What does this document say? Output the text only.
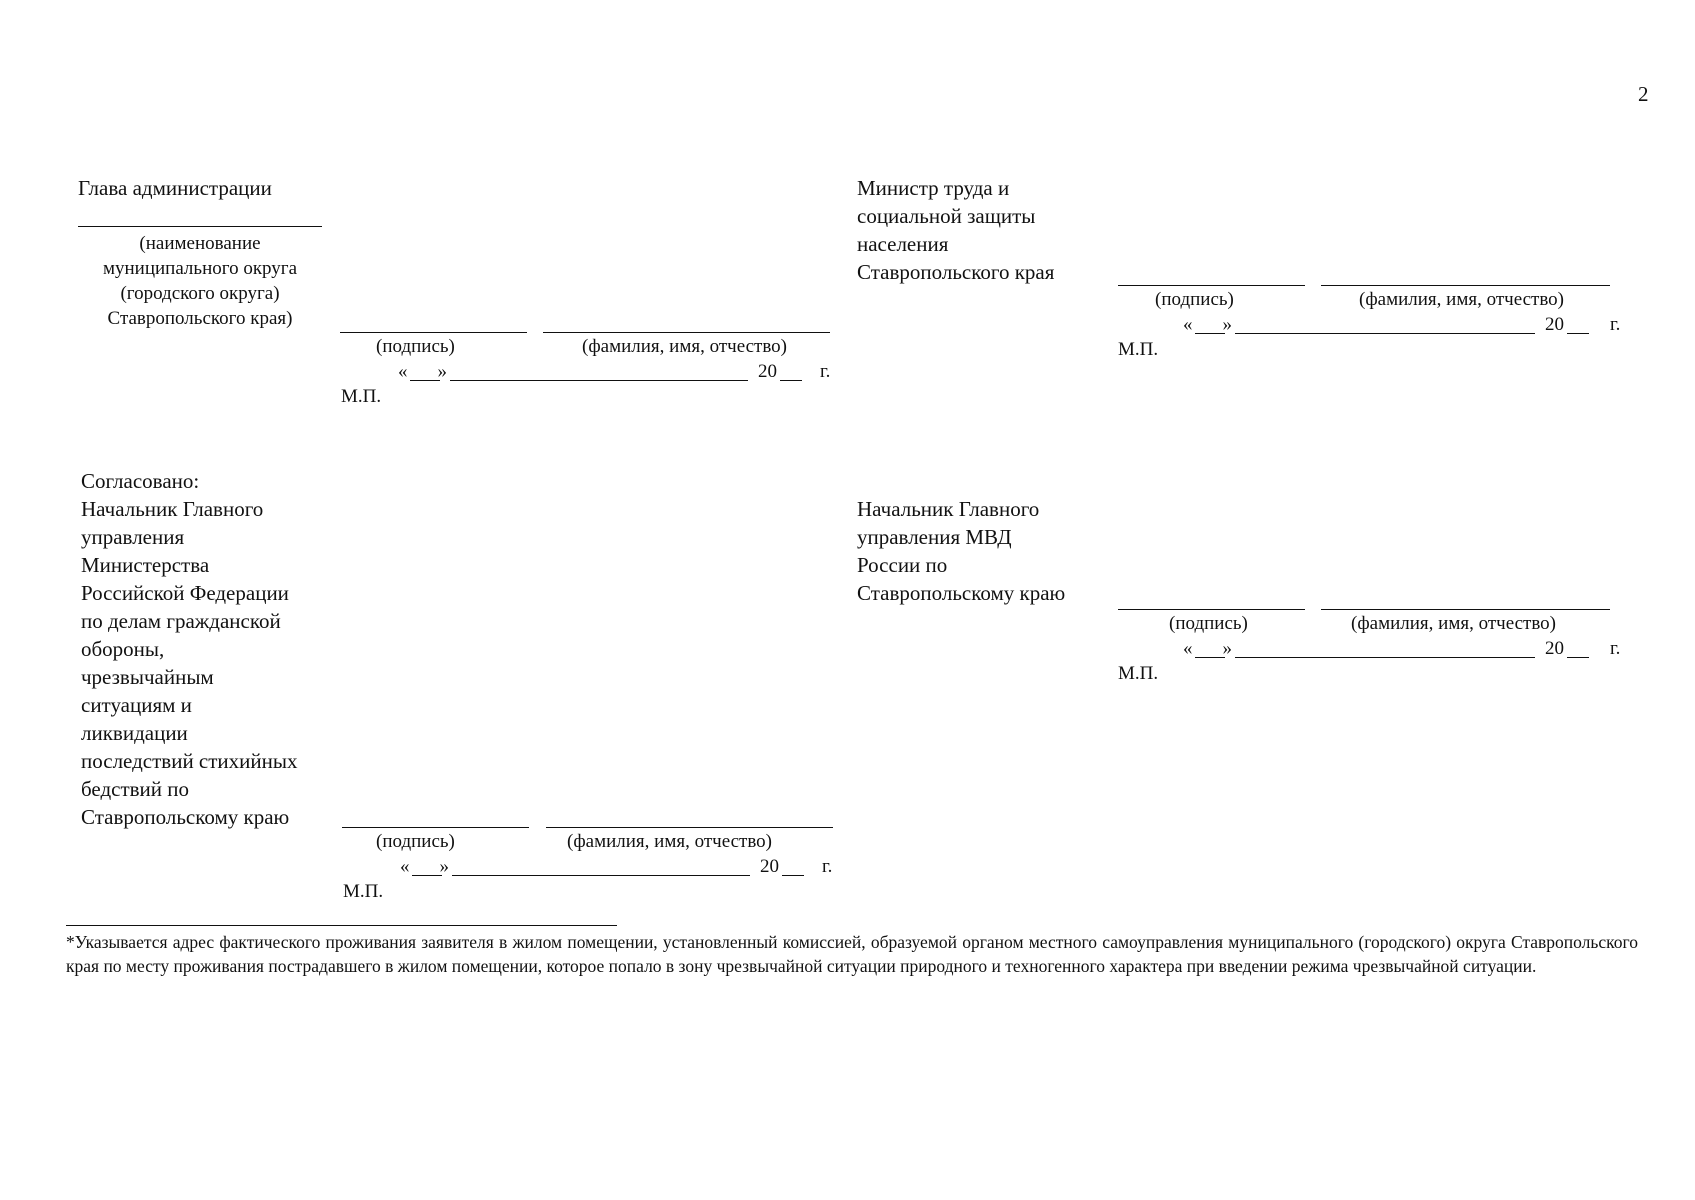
2
Глава администрации
(наименование
муниципального округа
(городского округа)
Ставропольского края)
(подпись)	(фамилия, имя, отчество)
« »	20 г.
М.П.
Министр труда и
социальной защиты
населения
Ставропольского края
(подпись)	(фамилия, имя, отчество)
« »	20 г.
М.П.
Согласовано:
Начальник Главного
управления
Министерства
Российской Федерации
по делам гражданской
обороны,
чрезвычайным
ситуациям и
ликвидации
последствий стихийных
бедствий по
Ставропольскому краю
(подпись)	(фамилия, имя, отчество)
« »	20 г.
М.П.
Начальник Главного
управления МВД
России по
Ставропольскому краю
(подпись)	(фамилия, имя, отчество)
« »	20 г.
М.П.
*Указывается адрес фактического проживания заявителя в жилом помещении, установленный комиссией, образуемой органом местного самоуправления муниципального (городского) округа Ставропольского края по месту проживания пострадавшего в жилом помещении, которое попало в зону чрезвычайной ситуации природного и техногенного характера при введении режима чрезвычайной ситуации.
